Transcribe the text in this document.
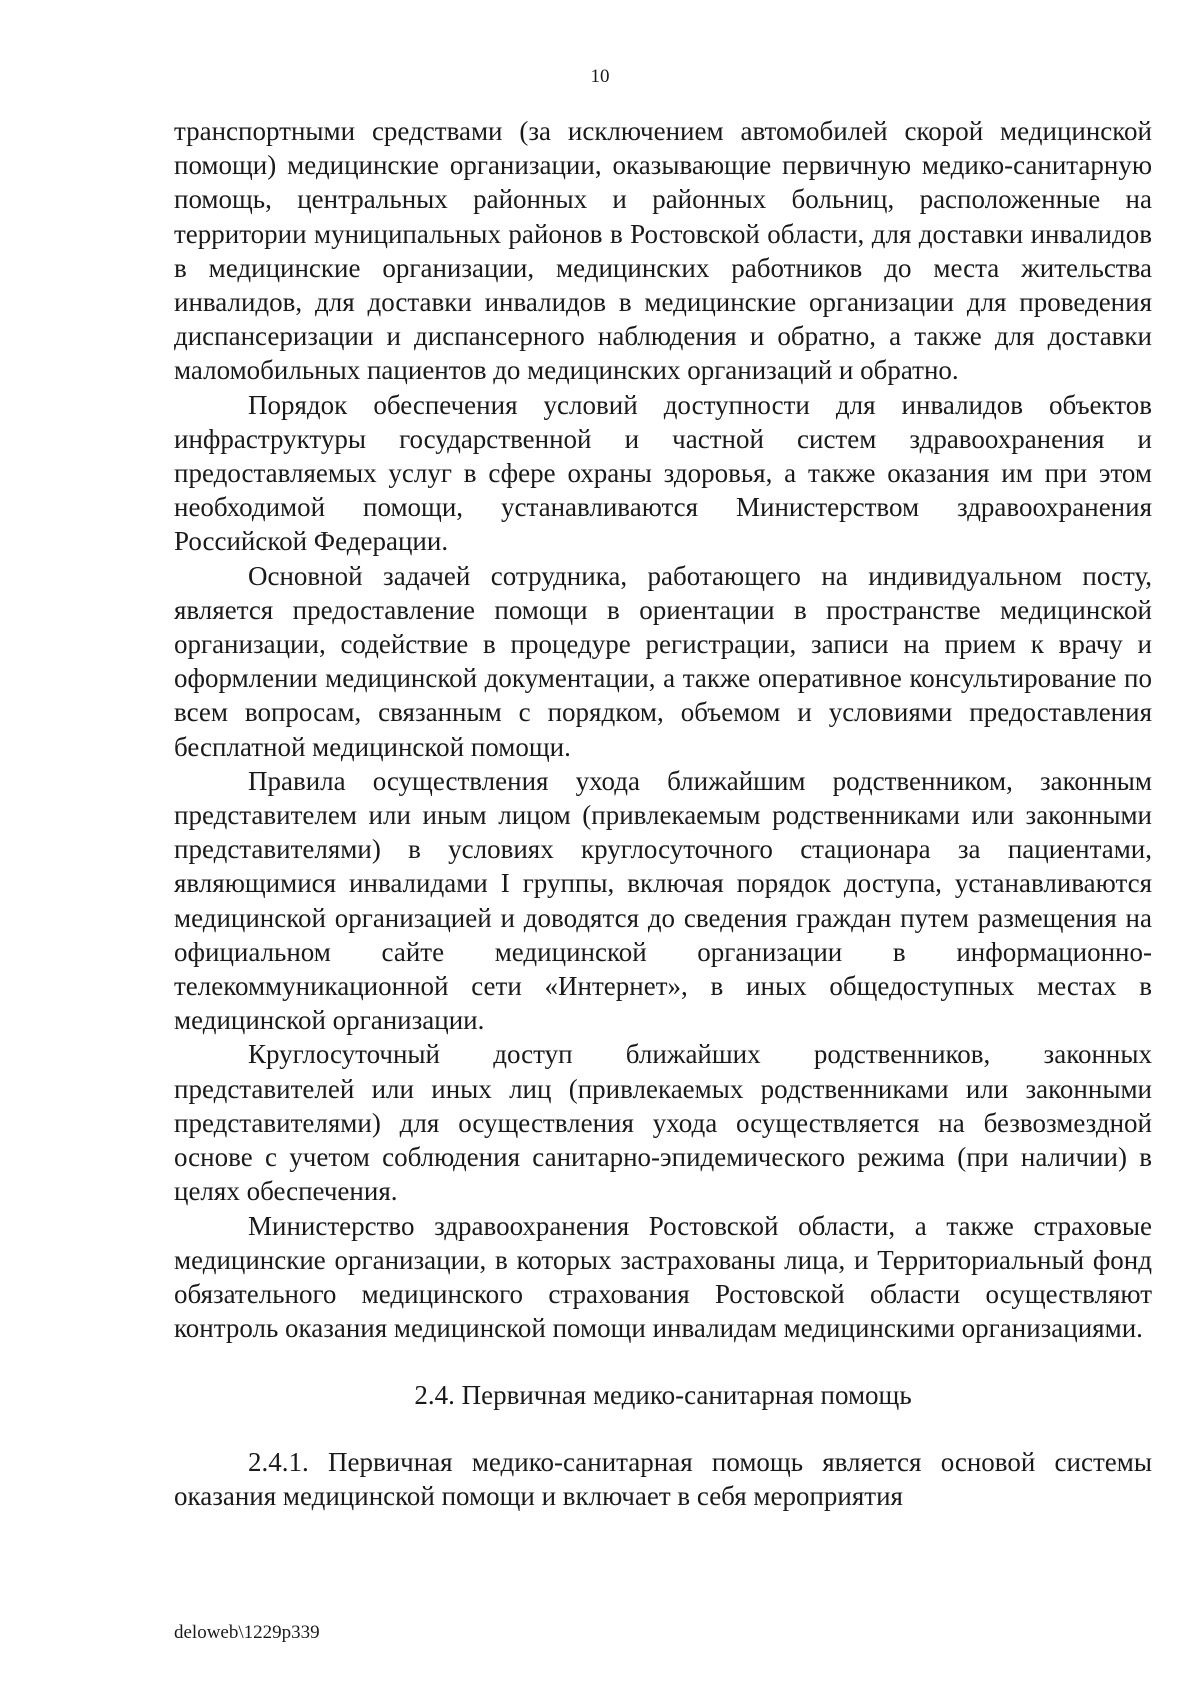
10

транспортными средствами (за исключением автомобилей скорой медицинской помощи) медицинские организации, оказывающие первичную медико-санитарную помощь, центральных районных и районных больниц, расположенные на территории муниципальных районов в Ростовской области, для доставки инвалидов в медицинские организации, медицинских работников до места жительства инвалидов, для доставки инвалидов в медицинские организации для проведения диспансеризации и диспансерного наблюдения и обратно, а также для доставки маломобильных пациентов до медицинских организаций и обратно.

Порядок обеспечения условий доступности для инвалидов объектов инфраструктуры государственной и частной систем здравоохранения и предоставляемых услуг в сфере охраны здоровья, а также оказания им при этом необходимой помощи, устанавливаются Министерством здравоохранения Российской Федерации.

Основной задачей сотрудника, работающего на индивидуальном посту, является предоставление помощи в ориентации в пространстве медицинской организации, содействие в процедуре регистрации, записи на прием к врачу и оформлении медицинской документации, а также оперативное консультирование по всем вопросам, связанным с порядком, объемом и условиями предоставления бесплатной медицинской помощи.

Правила осуществления ухода ближайшим родственником, законным представителем или иным лицом (привлекаемым родственниками или законными представителями) в условиях круглосуточного стационара за пациентами, являющимися инвалидами I группы, включая порядок доступа, устанавливаются медицинской организацией и доводятся до сведения граждан путем размещения на официальном сайте медицинской организации в информационно-телекоммуникационной сети «Интернет», в иных общедоступных местах в медицинской организации.

Круглосуточный доступ ближайших родственников, законных представителей или иных лиц (привлекаемых родственниками или законными представителями) для осуществления ухода осуществляется на безвозмездной основе с учетом соблюдения санитарно-эпидемического режима (при наличии) в целях обеспечения.

Министерство здравоохранения Ростовской области, а также страховые медицинские организации, в которых застрахованы лица, и Территориальный фонд обязательного медицинского страхования Ростовской области осуществляют контроль оказания медицинской помощи инвалидам медицинскими организациями.

2.4. Первичная медико-санитарная помощь

2.4.1. Первичная медико-санитарная помощь является основой системы оказания медицинской помощи и включает в себя мероприятия

deloweb\1229p339
